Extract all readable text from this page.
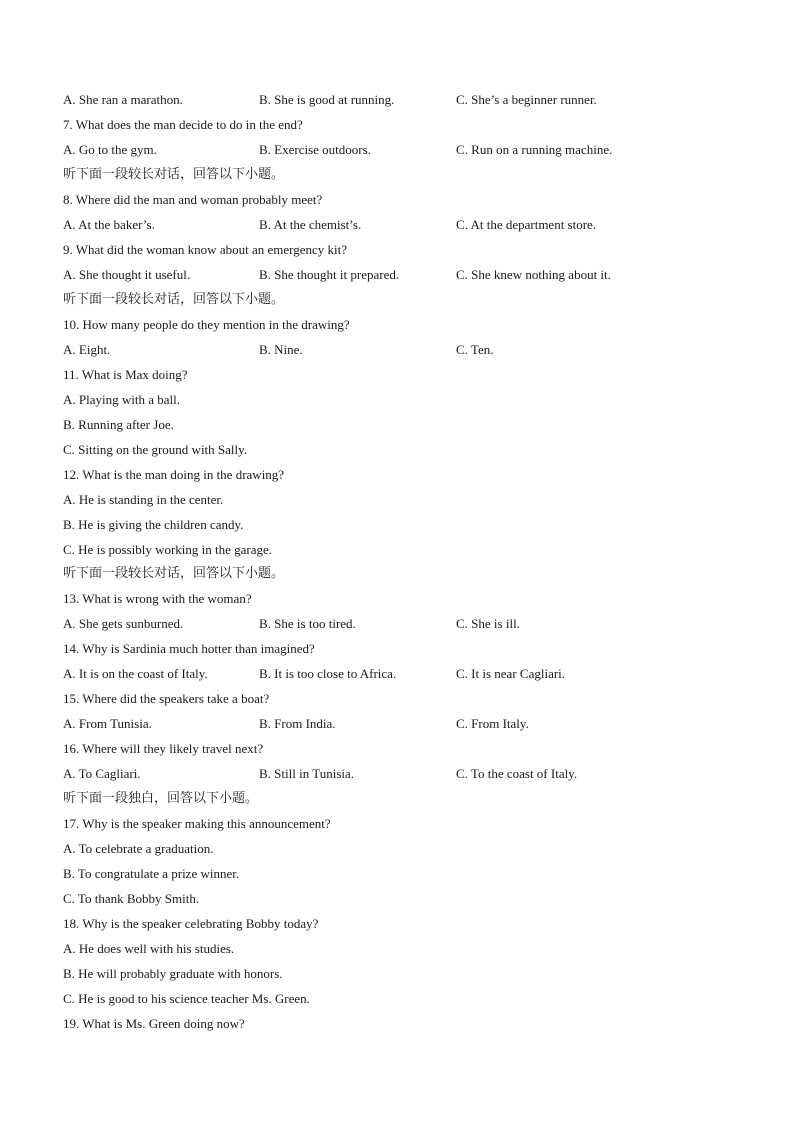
A. She ran a marathon.	B. She is good at running.	C. She’s a beginner runner.
7. What does the man decide to do in the end?
A. Go to the gym.	B. Exercise outdoors.	C. Run on a running machine.
听下面一段较长对话，回答以下小题。
8. Where did the man and woman probably meet?
A. At the baker’s.	B. At the chemist’s.	C. At the department store.
9. What did the woman know about an emergency kit?
A. She thought it useful.	B. She thought it prepared.	C. She knew nothing about it.
听下面一段较长对话，回答以下小题。
10. How many people do they mention in the drawing?
A. Eight.	B. Nine.	C. Ten.
11. What is Max doing?
A. Playing with a ball.
B. Running after Joe.
C. Sitting on the ground with Sally.
12. What is the man doing in the drawing?
A. He is standing in the center.
B. He is giving the children candy.
C. He is possibly working in the garage.
听下面一段较长对话，回答以下小题。
13. What is wrong with the woman?
A. She gets sunburned.	B. She is too tired.	C. She is ill.
14. Why is Sardinia much hotter than imagined?
A. It is on the coast of Italy.	B. It is too close to Africa.	C. It is near Cagliari.
15. Where did the speakers take a boat?
A. From Tunisia.	B. From India.	C. From Italy.
16. Where will they likely travel next?
A. To Cagliari.	B. Still in Tunisia.	C. To the coast of Italy.
听下面一段独白，回答以下小题。
17. Why is the speaker making this announcement?
A. To celebrate a graduation.
B. To congratulate a prize winner.
C. To thank Bobby Smith.
18. Why is the speaker celebrating Bobby today?
A. He does well with his studies.
B. He will probably graduate with honors.
C. He is good to his science teacher Ms. Green.
19. What is Ms. Green doing now?
